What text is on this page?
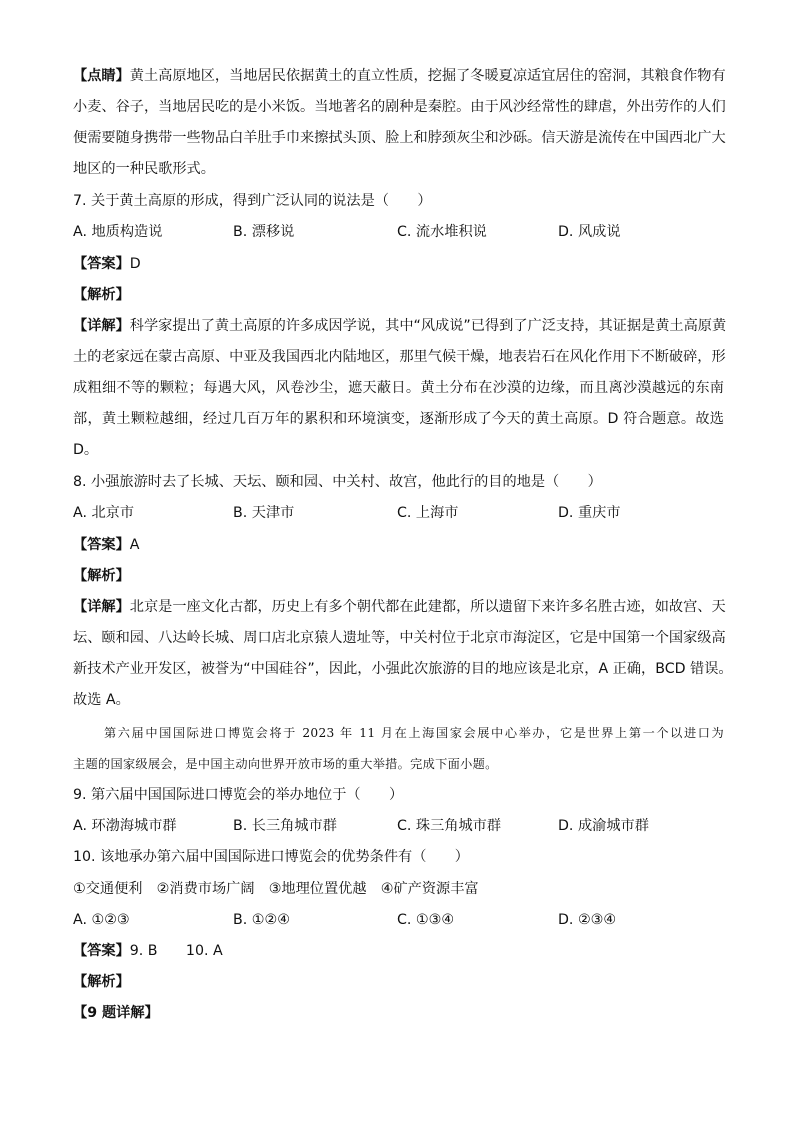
【点睛】黄土高原地区，当地居民依据黄土的直立性质，挖掘了冬暖夏凉适宜居住的窑洞，其粮食作物有
小麦、谷子，当地居民吃的是小米饭。当地著名的剧种是秦腔。由于风沙经常性的肆虐，外出劳作的人们
便需要随身携带一些物品白羊肚手巾来擦拭头顶、脸上和脖颈灰尘和沙砾。信天游是流传在中国西北广大
地区的一种民歌形式。
7. 关于黄土高原的形成，得到广泛认同的说法是（　　）
A. 地质构造说	B. 漂移说	C. 流水堆积说	D. 风成说
【答案】D
【解析】
【详解】科学家提出了黄土高原的许多成因学说，其中“风成说”已得到了广泛支持，其证据是黄土高原黄
土的老家远在蒙古高原、中亚及我国西北内陆地区，那里气候干燥，地表岩石在风化作用下不断破碎，形
成粗细不等的颗粒；每遇大风，风卷沙尘，遮天蔽日。黄土分布在沙漠的边缘，而且离沙漠越远的东南
部，黄土颗粒越细，经过几百万年的累积和环境演变，逐渐形成了今天的黄土高原。D 符合题意。故选
D。
8. 小强旅游时去了长城、天坛、颐和园、中关村、故宫，他此行的目的地是（　　）
A. 北京市	B. 天津市	C. 上海市	D. 重庆市
【答案】A
【解析】
【详解】北京是一座文化古都，历史上有多个朝代都在此建都，所以遗留下来许多名胜古迹，如故宫、天
坛、颐和园、八达岭长城、周口店北京猿人遗址等，中关村位于北京市海淀区，它是中国第一个国家级高
新技术产业开发区，被誉为“中国硅谷”，因此，小强此次旅游的目的地应该是北京，A 正确，BCD 错误。
故选 A。
第六届中国国际进口博览会将于 2023 年 11 月在上海国家会展中心举办，它是世界上第一个以进口为
主题的国家级展会，是中国主动向世界开放市场的重大举措。完成下面小题。
9. 第六届中国国际进口博览会的举办地位于（　　）
A. 环渤海城市群	B. 长三角城市群	C. 珠三角城市群	D. 成渝城市群
10. 该地承办第六届中国国际进口博览会的优势条件有（　　）
①交通便利　②消费市场广阔　③地理位置优越　④矿产资源丰富
A. ①②③	B. ①②④	C. ①③④	D. ②③④
【答案】9. B　　10. A
【解析】
【9 题详解】
